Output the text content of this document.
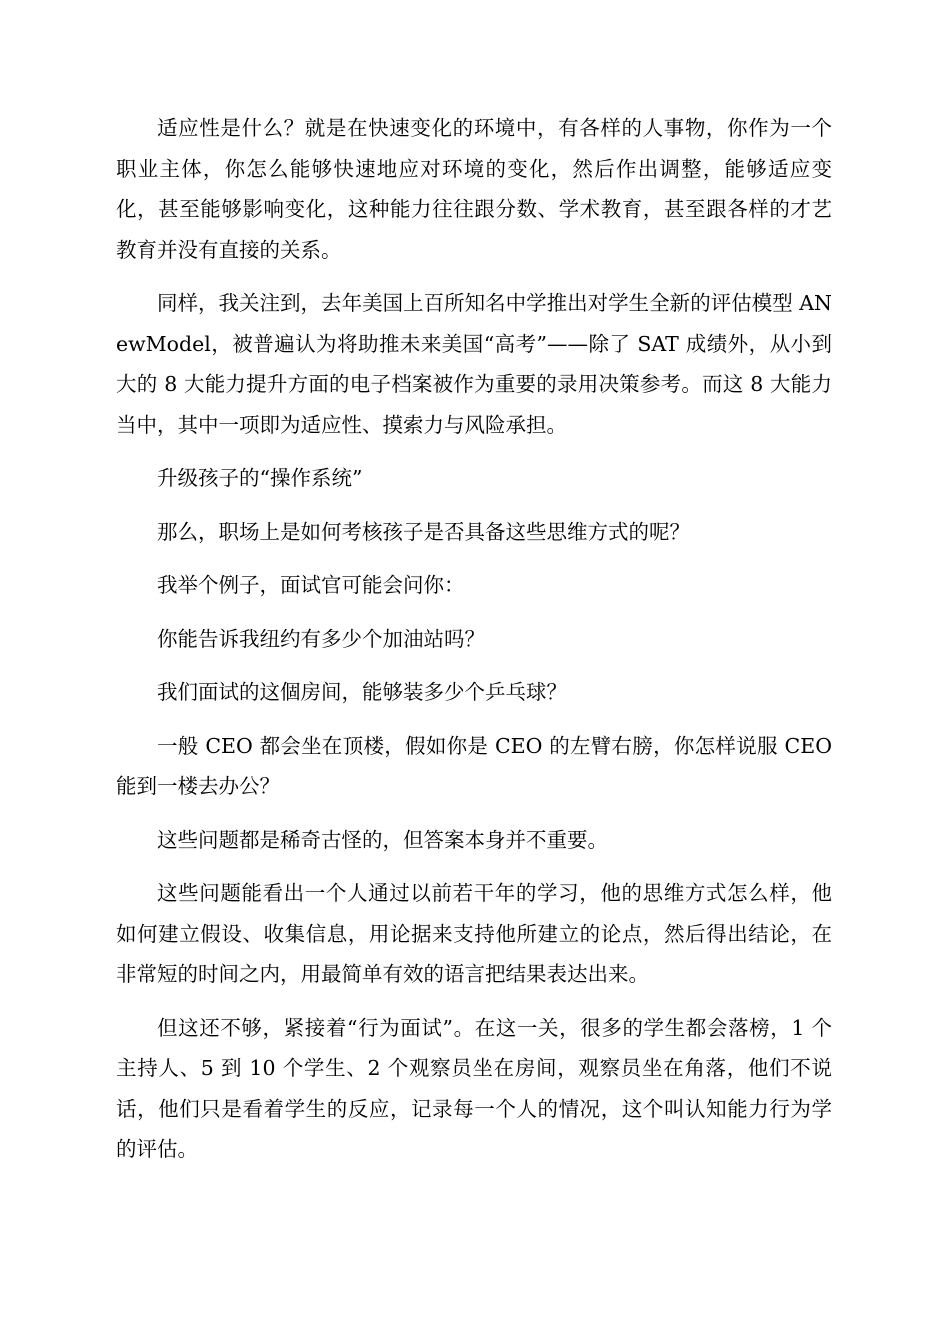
适应性是什么？就是在快速变化的环境中，有各样的人事物，你作为一个职业主体，你怎么能够快速地应对环境的变化，然后作出调整，能够适应变化，甚至能够影响变化，这种能力往往跟分数、学术教育，甚至跟各样的才艺教育并没有直接的关系。

同样，我关注到，去年美国上百所知名中学推出对学生全新的评估模型 ANewModel，被普遍认为将助推未来美国“高考”——除了 SAT 成绩外，从小到大的 8 大能力提升方面的电子档案被作为重要的录用决策参考。而这 8 大能力当中，其中一项即为适应性、摸索力与风险承担。

升级孩子的“操作系统”

那么，职场上是如何考核孩子是否具备这些思维方式的呢？

我举个例子，面试官可能会问你：

你能告诉我纽约有多少个加油站吗？

我们面试的这個房间，能够装多少个乒乓球？

一般 CEO 都会坐在顶楼，假如你是 CEO 的左臂右膀，你怎样说服 CEO 能到一楼去办公？

这些问题都是稀奇古怪的，但答案本身并不重要。

这些问题能看出一个人通过以前若干年的学习，他的思维方式怎么样，他如何建立假设、收集信息，用论据来支持他所建立的论点，然后得出结论，在非常短的时间之内，用最简单有效的语言把结果表达出来。

但这还不够，紧接着“行为面试”。在这一关，很多的学生都会落榜，1 个主持人、5 到 10 个学生、2 个观察员坐在房间，观察员坐在角落，他们不说话，他们只是看着学生的反应，记录每一个人的情况，这个叫认知能力行为学的评估。
